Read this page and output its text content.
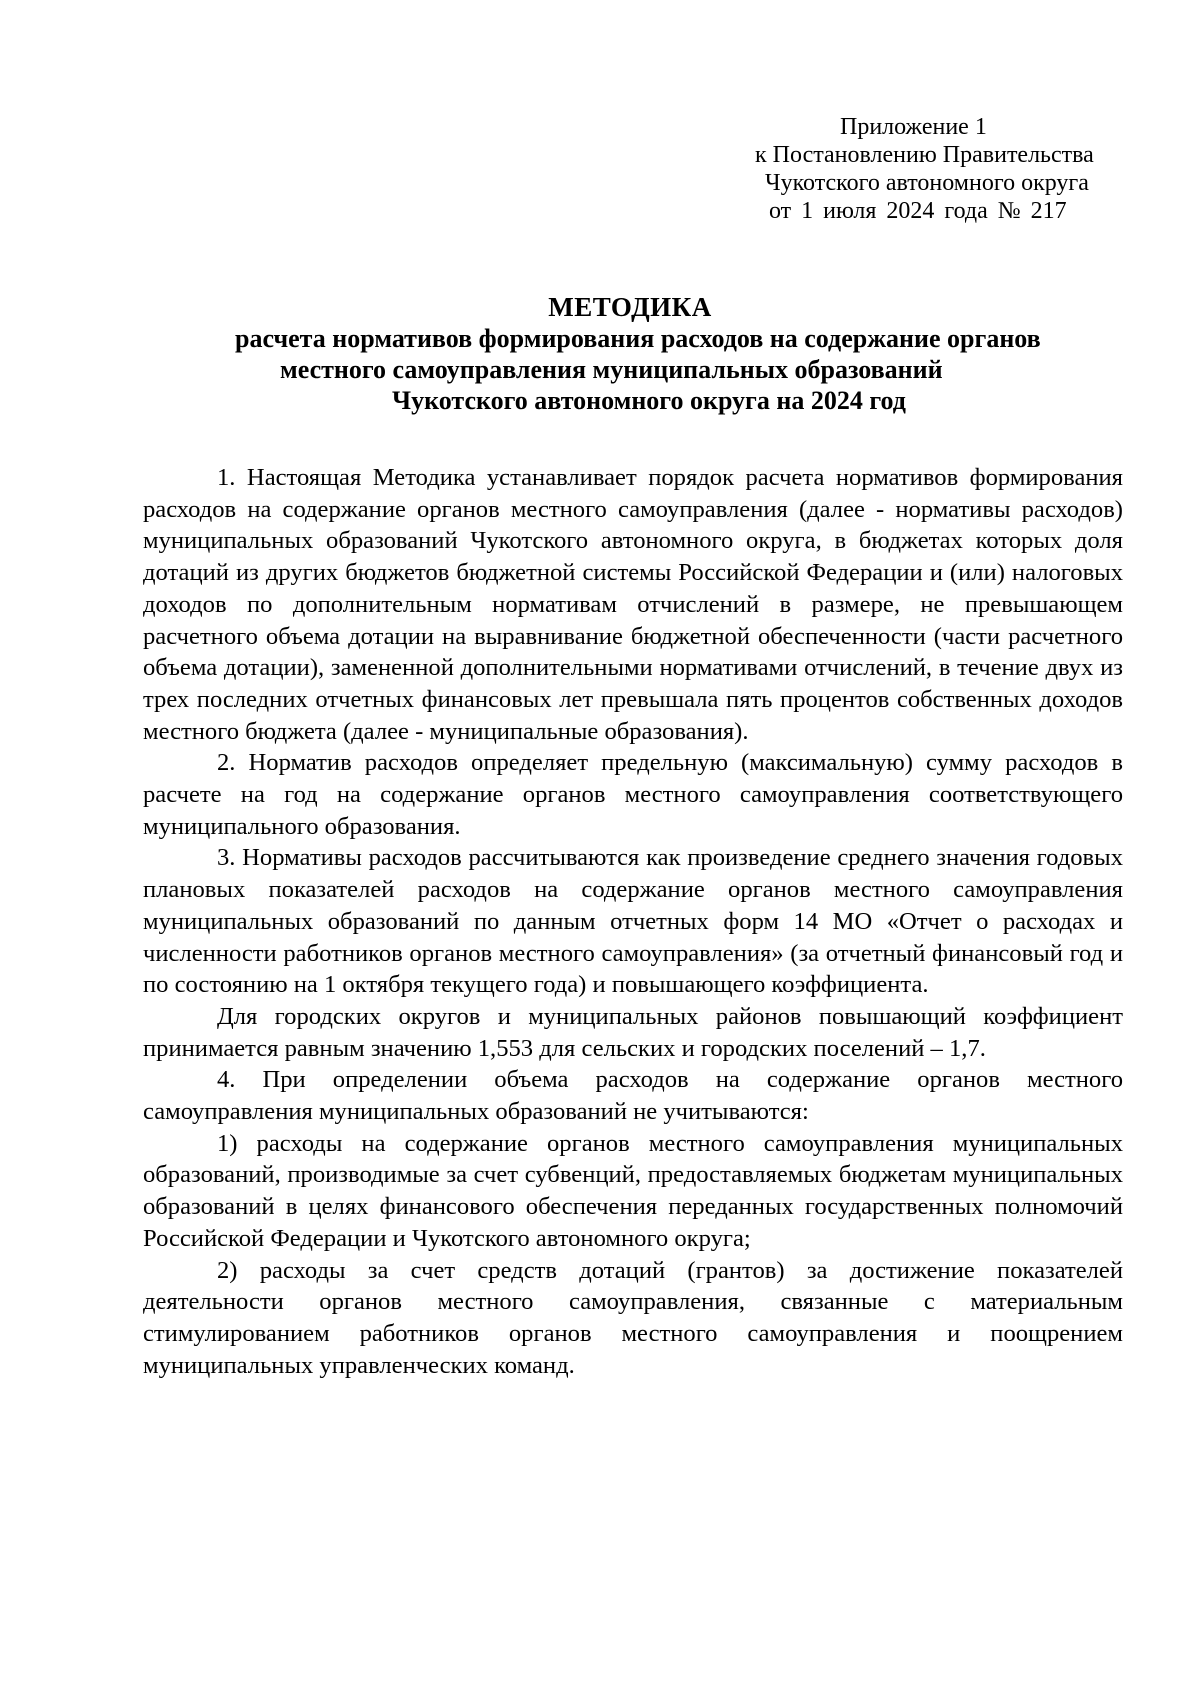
Приложение 1
к Постановлению Правительства
Чукотского автономного округа
от 1 июля 2024 года № 217
МЕТОДИКА
расчета нормативов формирования расходов на содержание органов
местного самоуправления муниципальных образований
Чукотского автономного округа на 2024 год

1. Настоящая Методика устанавливает порядок расчета нормативов формирования расходов на содержание органов местного самоуправления (далее - нормативы расходов) муниципальных образований Чукотского автономного округа, в бюджетах которых доля дотаций из других бюджетов бюджетной системы Российской Федерации и (или) налоговых доходов по дополнительным нормативам отчислений в размере, не превышающем расчетного объема дотации на выравнивание бюджетной обеспеченности (части расчетного объема дотации), замененной дополнительными нормативами отчислений, в течение двух из трех последних отчетных финансовых лет превышала пять процентов собственных доходов местного бюджета (далее - муниципальные образования).

2. Норматив расходов определяет предельную (максимальную) сумму расходов в расчете на год на содержание органов местного самоуправления соответствующего муниципального образования.

3. Нормативы расходов рассчитываются как произведение среднего значения годовых плановых показателей расходов на содержание органов местного самоуправления муниципальных образований по данным отчетных форм 14 МО «Отчет о расходах и численности работников органов местного самоуправления» (за отчетный финансовый год и по состоянию на 1 октября текущего года) и повышающего коэффициента.

Для городских округов и муниципальных районов повышающий коэффициент принимается равным значению 1,553 для сельских и городских поселений – 1,7.

4. При определении объема расходов на содержание органов местного самоуправления муниципальных образований не учитываются:

1) расходы на содержание органов местного самоуправления муниципальных образований, производимые за счет субвенций, предоставляемых бюджетам муниципальных образований в целях финансового обеспечения переданных государственных полномочий Российской Федерации и Чукотского автономного округа;

2) расходы за счет средств дотаций (грантов) за достижение показателей деятельности органов местного самоуправления, связанные с материальным стимулированием работников органов местного самоуправления и поощрением муниципальных управленческих команд.
